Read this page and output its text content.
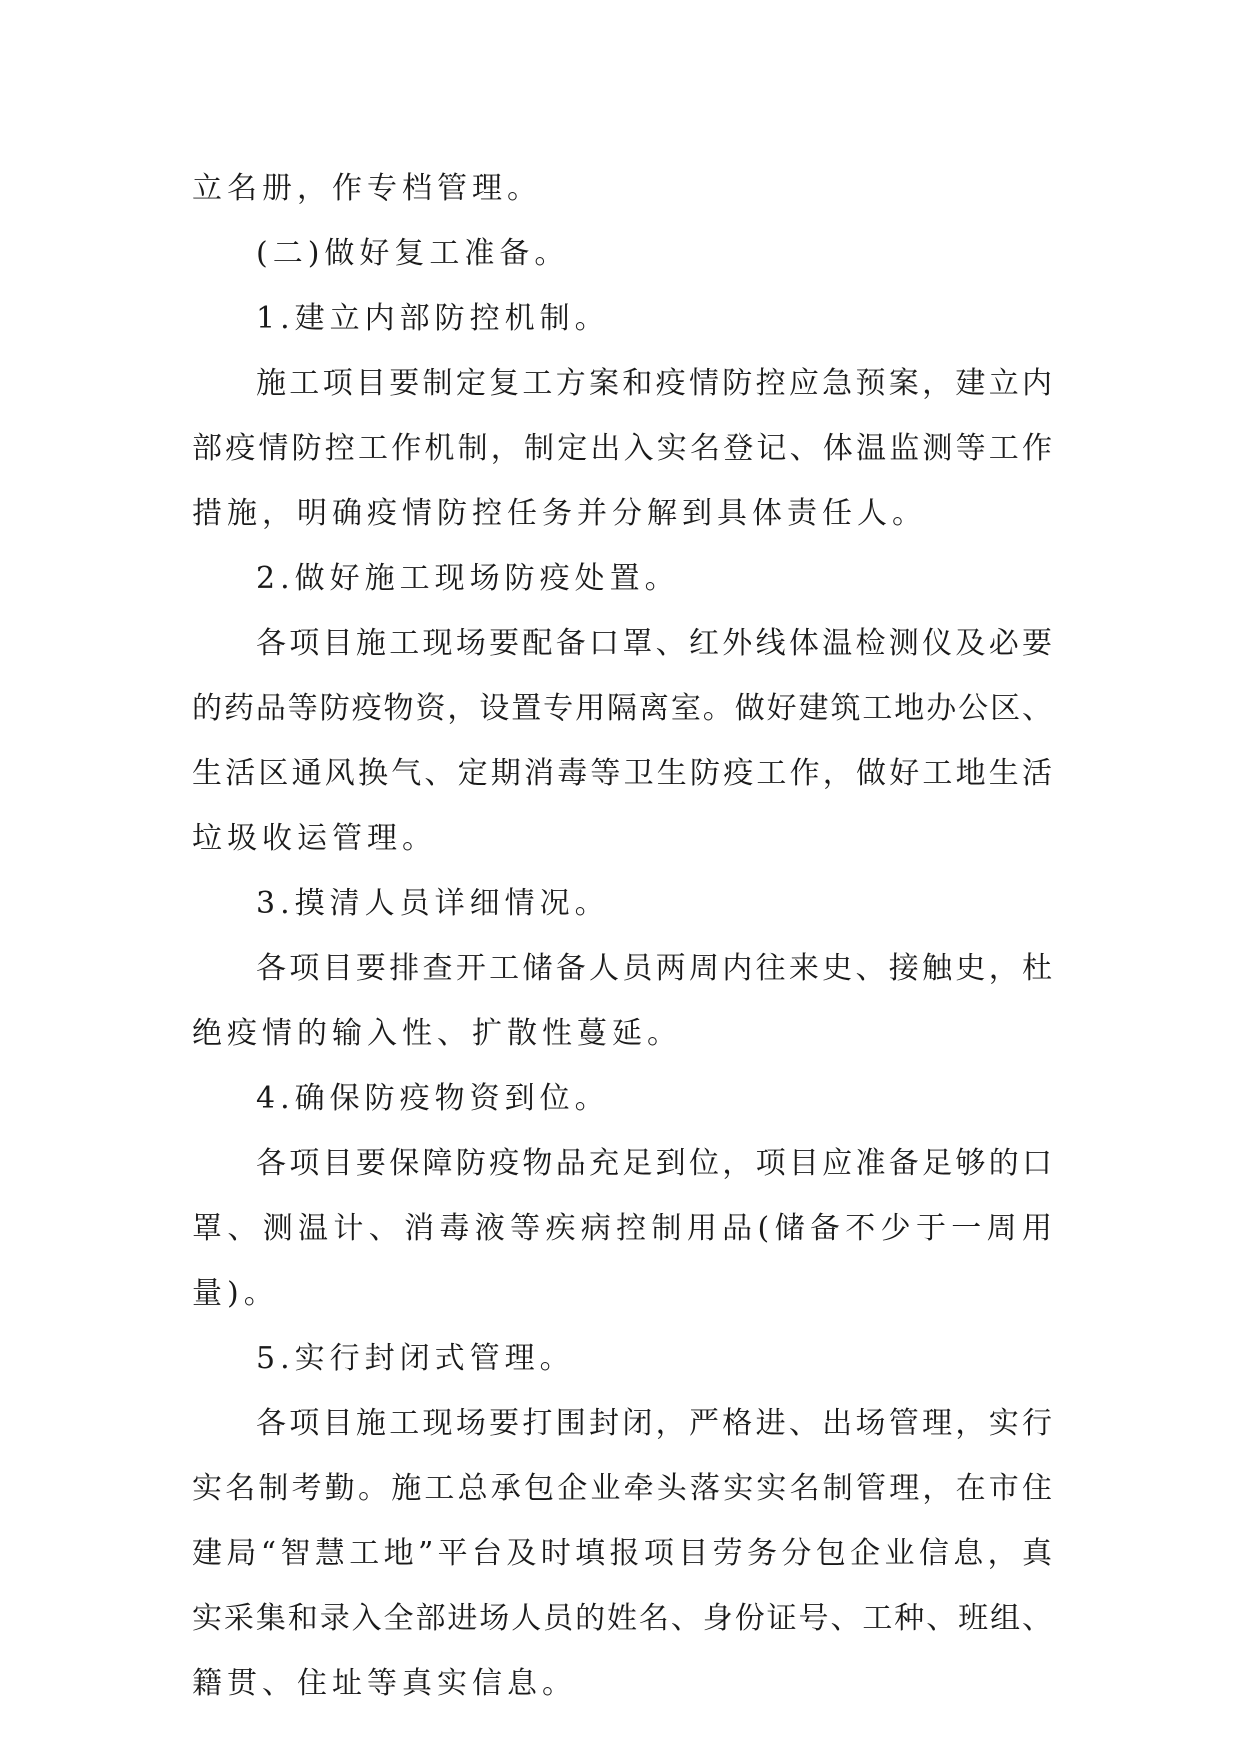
立名册，作专档管理。
(二)做好复工准备。
1.建立内部防控机制。
施工项目要制定复工方案和疫情防控应急预案，建立内
部疫情防控工作机制，制定出入实名登记、体温监测等工作
措施，明确疫情防控任务并分解到具体责任人。
2.做好施工现场防疫处置。
各项目施工现场要配备口罩、红外线体温检测仪及必要
的药品等防疫物资，设置专用隔离室。做好建筑工地办公区、
生活区通风换气、定期消毒等卫生防疫工作，做好工地生活
垃圾收运管理。
3.摸清人员详细情况。
各项目要排查开工储备人员两周内往来史、接触史，杜
绝疫情的输入性、扩散性蔓延。
4.确保防疫物资到位。
各项目要保障防疫物品充足到位，项目应准备足够的口
罩、测温计、消毒液等疾病控制用品(储备不少于一周用
量)。
5.实行封闭式管理。
各项目施工现场要打围封闭，严格进、出场管理，实行
实名制考勤。施工总承包企业牵头落实实名制管理，在市住
建局“智慧工地”平台及时填报项目劳务分包企业信息，真
实采集和录入全部进场人员的姓名、身份证号、工种、班组、
籍贯、住址等真实信息。
